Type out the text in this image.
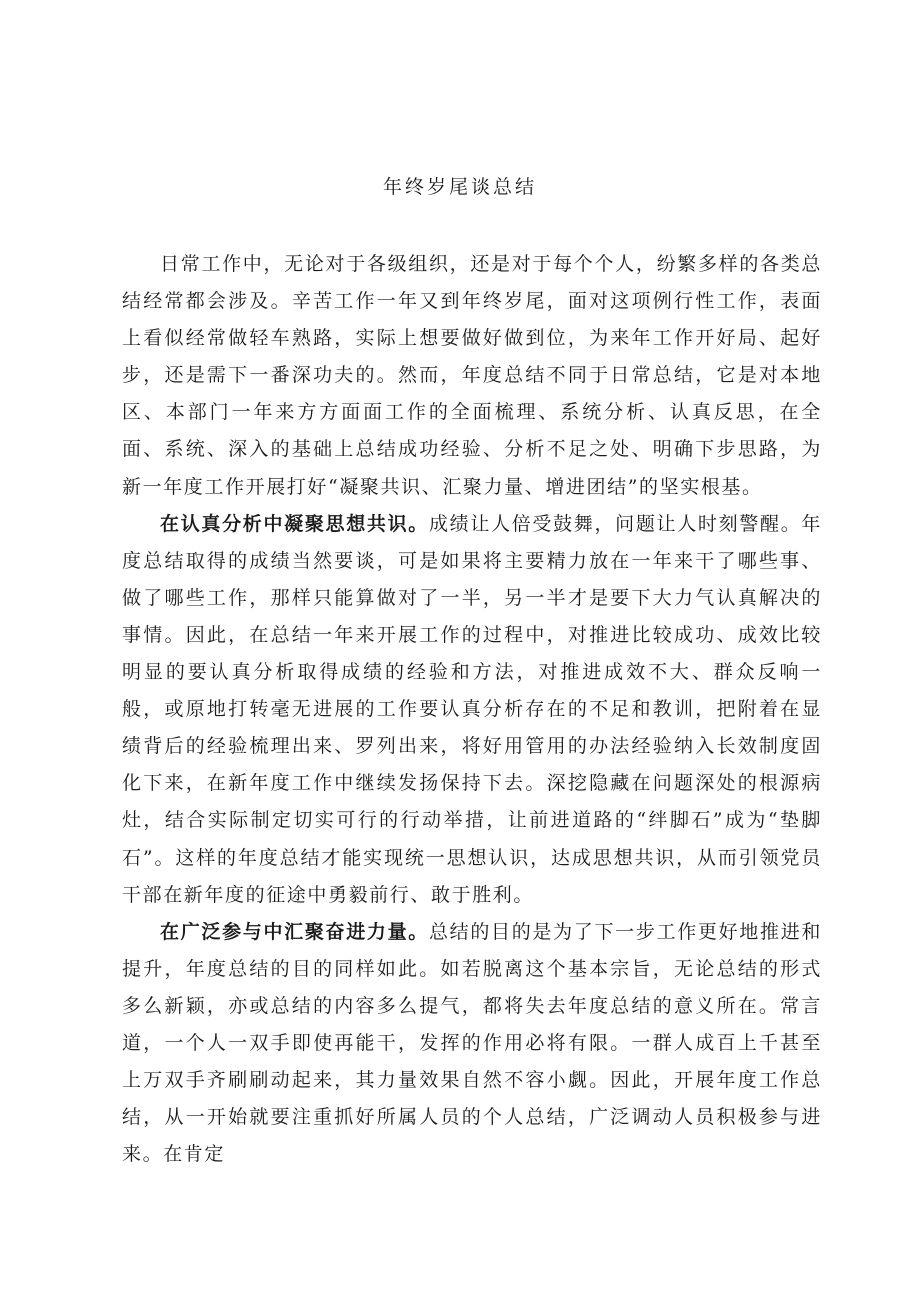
年终岁尾谈总结

日常工作中，无论对于各级组织，还是对于每个个人，纷繁多样的各类总结经常都会涉及。辛苦工作一年又到年终岁尾，面对这项例行性工作，表面上看似经常做轻车熟路，实际上想要做好做到位，为来年工作开好局、起好步，还是需下一番深功夫的。然而，年度总结不同于日常总结，它是对本地区、本部门一年来方方面面工作的全面梳理、系统分析、认真反思，在全面、系统、深入的基础上总结成功经验、分析不足之处、明确下步思路，为新一年度工作开展打好“凝聚共识、汇聚力量、增进团结”的坚实根基。

在认真分析中凝聚思想共识。成绩让人倍受鼓舞，问题让人时刻警醒。年度总结取得的成绩当然要谈，可是如果将主要精力放在一年来干了哪些事、做了哪些工作，那样只能算做对了一半，另一半才是要下大力气认真解决的事情。因此，在总结一年来开展工作的过程中，对推进比较成功、成效比较明显的要认真分析取得成绩的经验和方法，对推进成效不大、群众反响一般，或原地打转毫无进展的工作要认真分析存在的不足和教训，把附着在显绩背后的经验梳理出来、罗列出来，将好用管用的办法经验纳入长效制度固化下来，在新年度工作中继续发扬保持下去。深挖隐藏在问题深处的根源病灶，结合实际制定切实可行的行动举措，让前进道路的“绊脚石”成为“垫脚石”。这样的年度总结才能实现统一思想认识，达成思想共识，从而引领党员干部在新年度的征途中勇毅前行、敢于胜利。

在广泛参与中汇聚奋进力量。总结的目的是为了下一步工作更好地推进和提升，年度总结的目的同样如此。如若脱离这个基本宗旨，无论总结的形式多么新颖，亦或总结的内容多么提气，都将失去年度总结的意义所在。常言道，一个人一双手即使再能干，发挥的作用必将有限。一群人成百上千甚至上万双手齐刷刷动起来，其力量效果自然不容小觑。因此，开展年度工作总结，从一开始就要注重抓好所属人员的个人总结，广泛调动人员积极参与进来。在肯定
